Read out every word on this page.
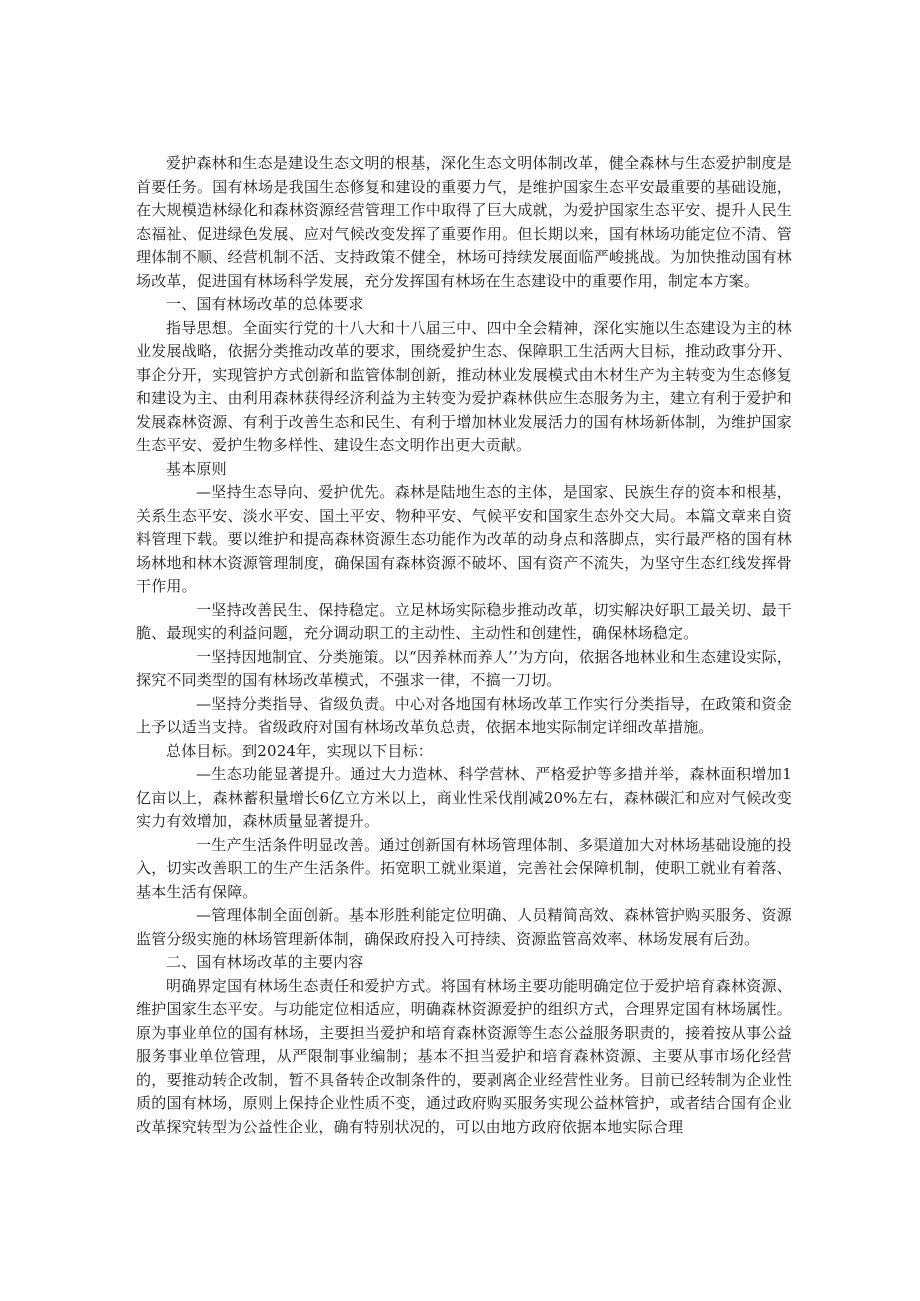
爱护森林和生态是建设生态文明的根基，深化生态文明体制改革，健全森林与生态爱护制度是首要任务。国有林场是我国生态修复和建设的重要力气，是维护国家生态平安最重要的基础设施，在大规模造林绿化和森林资源经营管理工作中取得了巨大成就，为爱护国家生态平安、提升人民生态福祉、促进绿色发展、应对气候改变发挥了重要作用。但长期以来，国有林场功能定位不清、管理体制不顺、经营机制不活、支持政策不健全，林场可持续发展面临严峻挑战。为加快推动国有林场改革，促进国有林场科学发展，充分发挥国有林场在生态建设中的重要作用，制定本方案。

一、国有林场改革的总体要求

指导思想。全面实行党的十八大和十八届三中、四中全会精神，深化实施以生态建设为主的林业发展战略，依据分类推动改革的要求，围绕爱护生态、保障职工生活两大目标，推动政事分开、事企分开，实现管护方式创新和监管体制创新，推动林业发展模式由木材生产为主转变为生态修复和建设为主、由利用森林获得经济利益为主转变为爱护森林供应生态服务为主，建立有利于爱护和发展森林资源、有利于改善生态和民生、有利于增加林业发展活力的国有林场新体制，为维护国家生态平安、爱护生物多样性、建设生态文明作出更大贡献。

基本原则

—坚持生态导向、爱护优先。森林是陆地生态的主体，是国家、民族生存的资本和根基，关系生态平安、淡水平安、国土平安、物种平安、气候平安和国家生态外交大局。本篇文章来自资料管理下载。要以维护和提高森林资源生态功能作为改革的动身点和落脚点，实行最严格的国有林场林地和林木资源管理制度，确保国有森林资源不破坏、国有资产不流失，为坚守生态红线发挥骨干作用。

一坚持改善民生、保持稳定。立足林场实际稳步推动改革，切实解决好职工最关切、最干脆、最现实的利益问题，充分调动职工的主动性、主动性和创建性，确保林场稳定。

一坚持因地制宜、分类施策。以“因养林而养人’’为方向，依据各地林业和生态建设实际，探究不同类型的国有林场改革模式，不强求一律，不搞一刀切。

—坚持分类指导、省级负责。中心对各地国有林场改革工作实行分类指导，在政策和资金上予以适当支持。省级政府对国有林场改革负总责，依据本地实际制定详细改革措施。

总体目标。到2024年，实现以下目标：

—生态功能显著提升。通过大力造林、科学营林、严格爱护等多措并举，森林面积增加1亿亩以上，森林蓄积量增长6亿立方米以上，商业性采伐削减20%左右，森林碳汇和应对气候改变实力有效增加，森林质量显著提升。

一生产生活条件明显改善。通过创新国有林场管理体制、多渠道加大对林场基础设施的投入，切实改善职工的生产生活条件。拓宽职工就业渠道，完善社会保障机制，使职工就业有着落、基本生活有保障。

—管理体制全面创新。基本形胜利能定位明确、人员精简高效、森林管护购买服务、资源监管分级实施的林场管理新体制，确保政府投入可持续、资源监管高效率、林场发展有后劲。

二、国有林场改革的主要内容

明确界定国有林场生态责任和爱护方式。将国有林场主要功能明确定位于爱护培育森林资源、维护国家生态平安。与功能定位相适应，明确森林资源爱护的组织方式，合理界定国有林场属性。原为事业单位的国有林场，主要担当爱护和培育森林资源等生态公益服务职责的，接着按从事公益服务事业单位管理，从严限制事业编制；基本不担当爱护和培育森林资源、主要从事市场化经营的，要推动转企改制，暂不具备转企改制条件的，要剥离企业经营性业务。目前已经转制为企业性质的国有林场，原则上保持企业性质不变，通过政府购买服务实现公益林管护，或者结合国有企业改革探究转型为公益性企业，确有特别状况的，可以由地方政府依据本地实际合理
